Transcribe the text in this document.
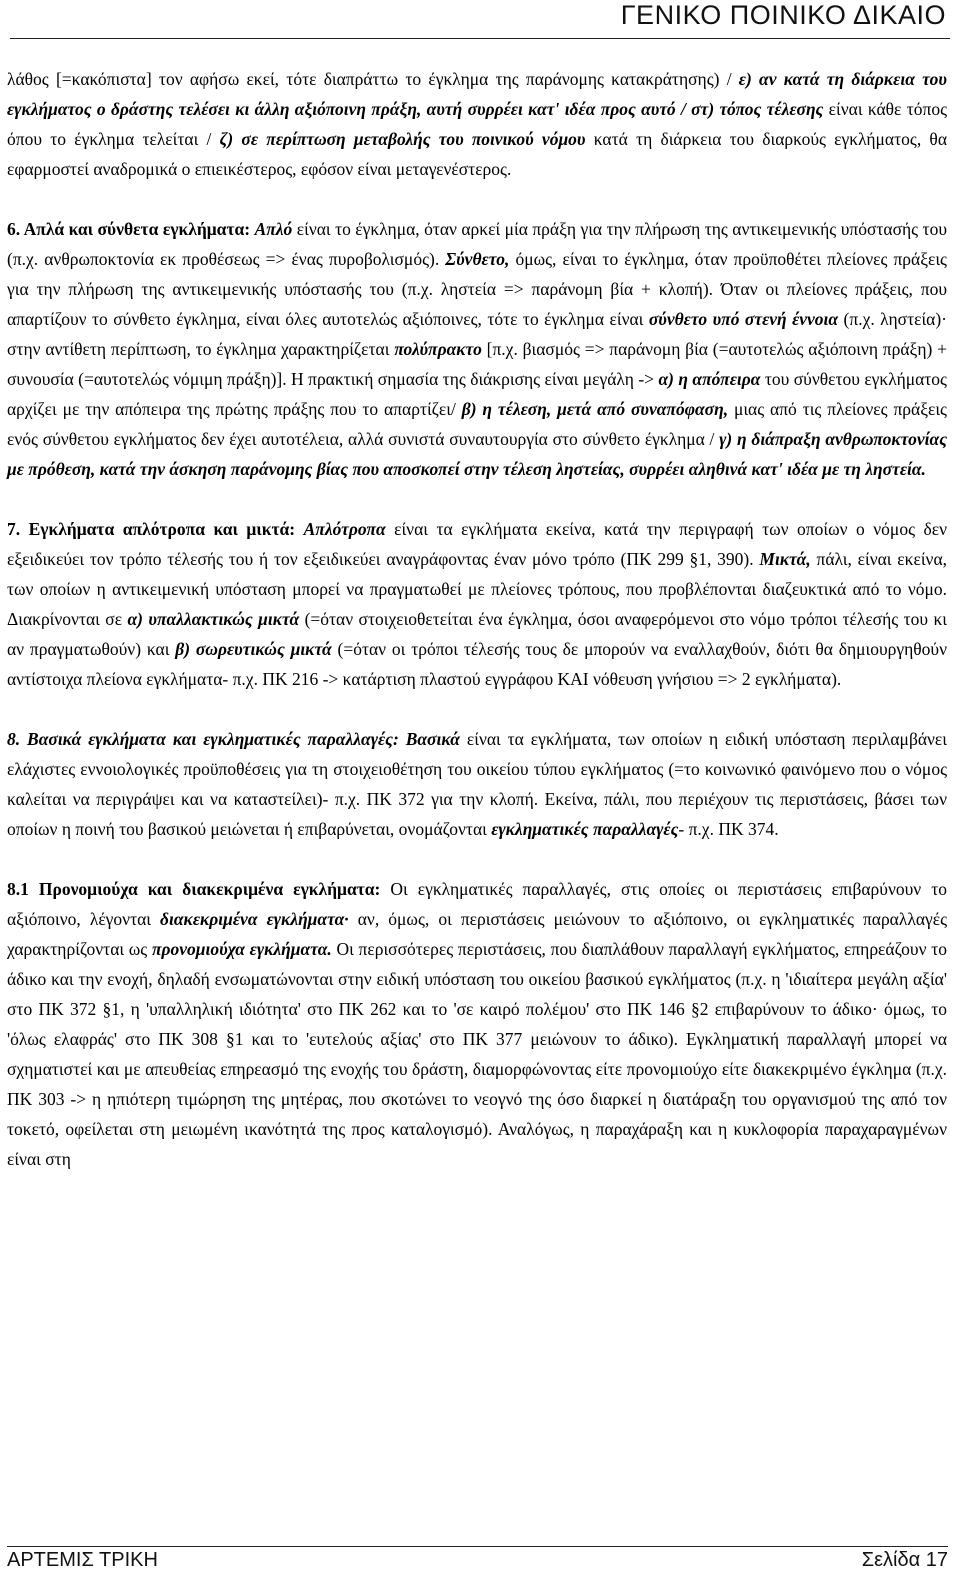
ΓΕΝΙΚΟ ΠΟΙΝΙΚΟ ΔΙΚΑΙΟ

λάθος [=κακόπιστα] τον αφήσω εκεί, τότε διαπράττω το έγκλημα της παράνομης κατακράτησης) / ε) αν κατά τη διάρκεια του εγκλήματος ο δράστης τελέσει κι άλλη αξιόποινη πράξη, αυτή συρρέει κατ' ιδέα προς αυτό / στ) τόπος τέλεσης είναι κάθε τόπος όπου το έγκλημα τελείται / ζ) σε περίπτωση μεταβολής του ποινικού νόμου κατά τη διάρκεια του διαρκούς εγκλήματος, θα εφαρμοστεί αναδρομικά ο επιεικέστερος, εφόσον είναι μεταγενέστερος.

6. Απλά και σύνθετα εγκλήματα: Απλό είναι το έγκλημα, όταν αρκεί μία πράξη για την πλήρωση της αντικειμενικής υπόστασής του (π.χ. ανθρωποκτονία εκ προθέσεως => ένας πυροβολισμός). Σύνθετο, όμως, είναι το έγκλημα, όταν προϋποθέτει πλείονες πράξεις για την πλήρωση της αντικειμενικής υπόστασής του (π.χ. ληστεία => παράνομη βία + κλοπή). Όταν οι πλείονες πράξεις, που απαρτίζουν το σύνθετο έγκλημα, είναι όλες αυτοτελώς αξιόποινες, τότε το έγκλημα είναι σύνθετο υπό στενή έννοια (π.χ. ληστεία)· στην αντίθετη περίπτωση, το έγκλημα χαρακτηρίζεται πολύπρακτο [π.χ. βιασμός => παράνομη βία (=αυτοτελώς αξιόποινη πράξη) + συνουσία (=αυτοτελώς νόμιμη πράξη)]. Η πρακτική σημασία της διάκρισης είναι μεγάλη -> α) η απόπειρα του σύνθετου εγκλήματος αρχίζει με την απόπειρα της πρώτης πράξης που το απαρτίζει/ β) η τέλεση, μετά από συναπόφαση, μιας από τις πλείονες πράξεις ενός σύνθετου εγκλήματος δεν έχει αυτοτέλεια, αλλά συνιστά συναυτουργία στο σύνθετο έγκλημα / γ) η διάπραξη ανθρωποκτονίας με πρόθεση, κατά την άσκηση παράνομης βίας που αποσκοπεί στην τέλεση ληστείας, συρρέει αληθινά κατ' ιδέα με τη ληστεία.

7. Εγκλήματα απλότροπα και μικτά: Απλότροπα είναι τα εγκλήματα εκείνα, κατά την περιγραφή των οποίων ο νόμος δεν εξειδικεύει τον τρόπο τέλεσής του ή τον εξειδικεύει αναγράφοντας έναν μόνο τρόπο (ΠΚ 299 §1, 390). Μικτά, πάλι, είναι εκείνα, των οποίων η αντικειμενική υπόσταση μπορεί να πραγματωθεί με πλείονες τρόπους, που προβλέπονται διαζευκτικά από το νόμο. Διακρίνονται σε α) υπαλλακτικώς μικτά (=όταν στοιχειοθετείται ένα έγκλημα, όσοι αναφερόμενοι στο νόμο τρόποι τέλεσής του κι αν πραγματωθούν) και β) σωρευτικώς μικτά (=όταν οι τρόποι τέλεσής τους δε μπορούν να εναλλαχθούν, διότι θα δημιουργηθούν αντίστοιχα πλείονα εγκλήματα- π.χ. ΠΚ 216 -> κατάρτιση πλαστού εγγράφου ΚΑΙ νόθευση γνήσιου => 2 εγκλήματα).

8. Βασικά εγκλήματα και εγκληματικές παραλλαγές: Βασικά είναι τα εγκλήματα, των οποίων η ειδική υπόσταση περιλαμβάνει ελάχιστες εννοιολογικές προϋποθέσεις για τη στοιχειοθέτηση του οικείου τύπου εγκλήματος (=το κοινωνικό φαινόμενο που ο νόμος καλείται να περιγράψει και να καταστείλει)- π.χ. ΠΚ 372 για την κλοπή. Εκείνα, πάλι, που περιέχουν τις περιστάσεις, βάσει των οποίων η ποινή του βασικού μειώνεται ή επιβαρύνεται, ονομάζονται εγκληματικές παραλλαγές- π.χ. ΠΚ 374.

8.1 Προνομιούχα και διακεκριμένα εγκλήματα: Οι εγκληματικές παραλλαγές, στις οποίες οι περιστάσεις επιβαρύνουν το αξιόποινο, λέγονται διακεκριμένα εγκλήματα· αν, όμως, οι περιστάσεις μειώνουν το αξιόποινο, οι εγκληματικές παραλλαγές χαρακτηρίζονται ως προνομιούχα εγκλήματα. Οι περισσότερες περιστάσεις, που διαπλάθουν παραλλαγή εγκλήματος, επηρεάζουν το άδικο και την ενοχή, δηλαδή ενσωματώνονται στην ειδική υπόσταση του οικείου βασικού εγκλήματος (π.χ. η 'ιδιαίτερα μεγάλη αξία' στο ΠΚ 372 §1, η 'υπαλληλική ιδιότητα' στο ΠΚ 262 και το 'σε καιρό πολέμου' στο ΠΚ 146 §2 επιβαρύνουν το άδικο· όμως, το 'όλως ελαφράς' στο ΠΚ 308 §1 και το 'ευτελούς αξίας' στο ΠΚ 377 μειώνουν το άδικο). Εγκληματική παραλλαγή μπορεί να σχηματιστεί και με απευθείας επηρεασμό της ενοχής του δράστη, διαμορφώνοντας είτε προνομιούχο είτε διακεκριμένο έγκλημα (π.χ. ΠΚ 303 -> η ηπιότερη τιμώρηση της μητέρας, που σκοτώνει το νεογνό της όσο διαρκεί η διατάραξη του οργανισμού της από τον τοκετό, οφείλεται στη μειωμένη ικανότητά της προς καταλογισμό). Αναλόγως, η παραχάραξη και η κυκλοφορία παραχαραγμένων είναι στη

ΑΡΤΕΜΙΣ ΤΡΙΚΗ	Σελίδα 17
